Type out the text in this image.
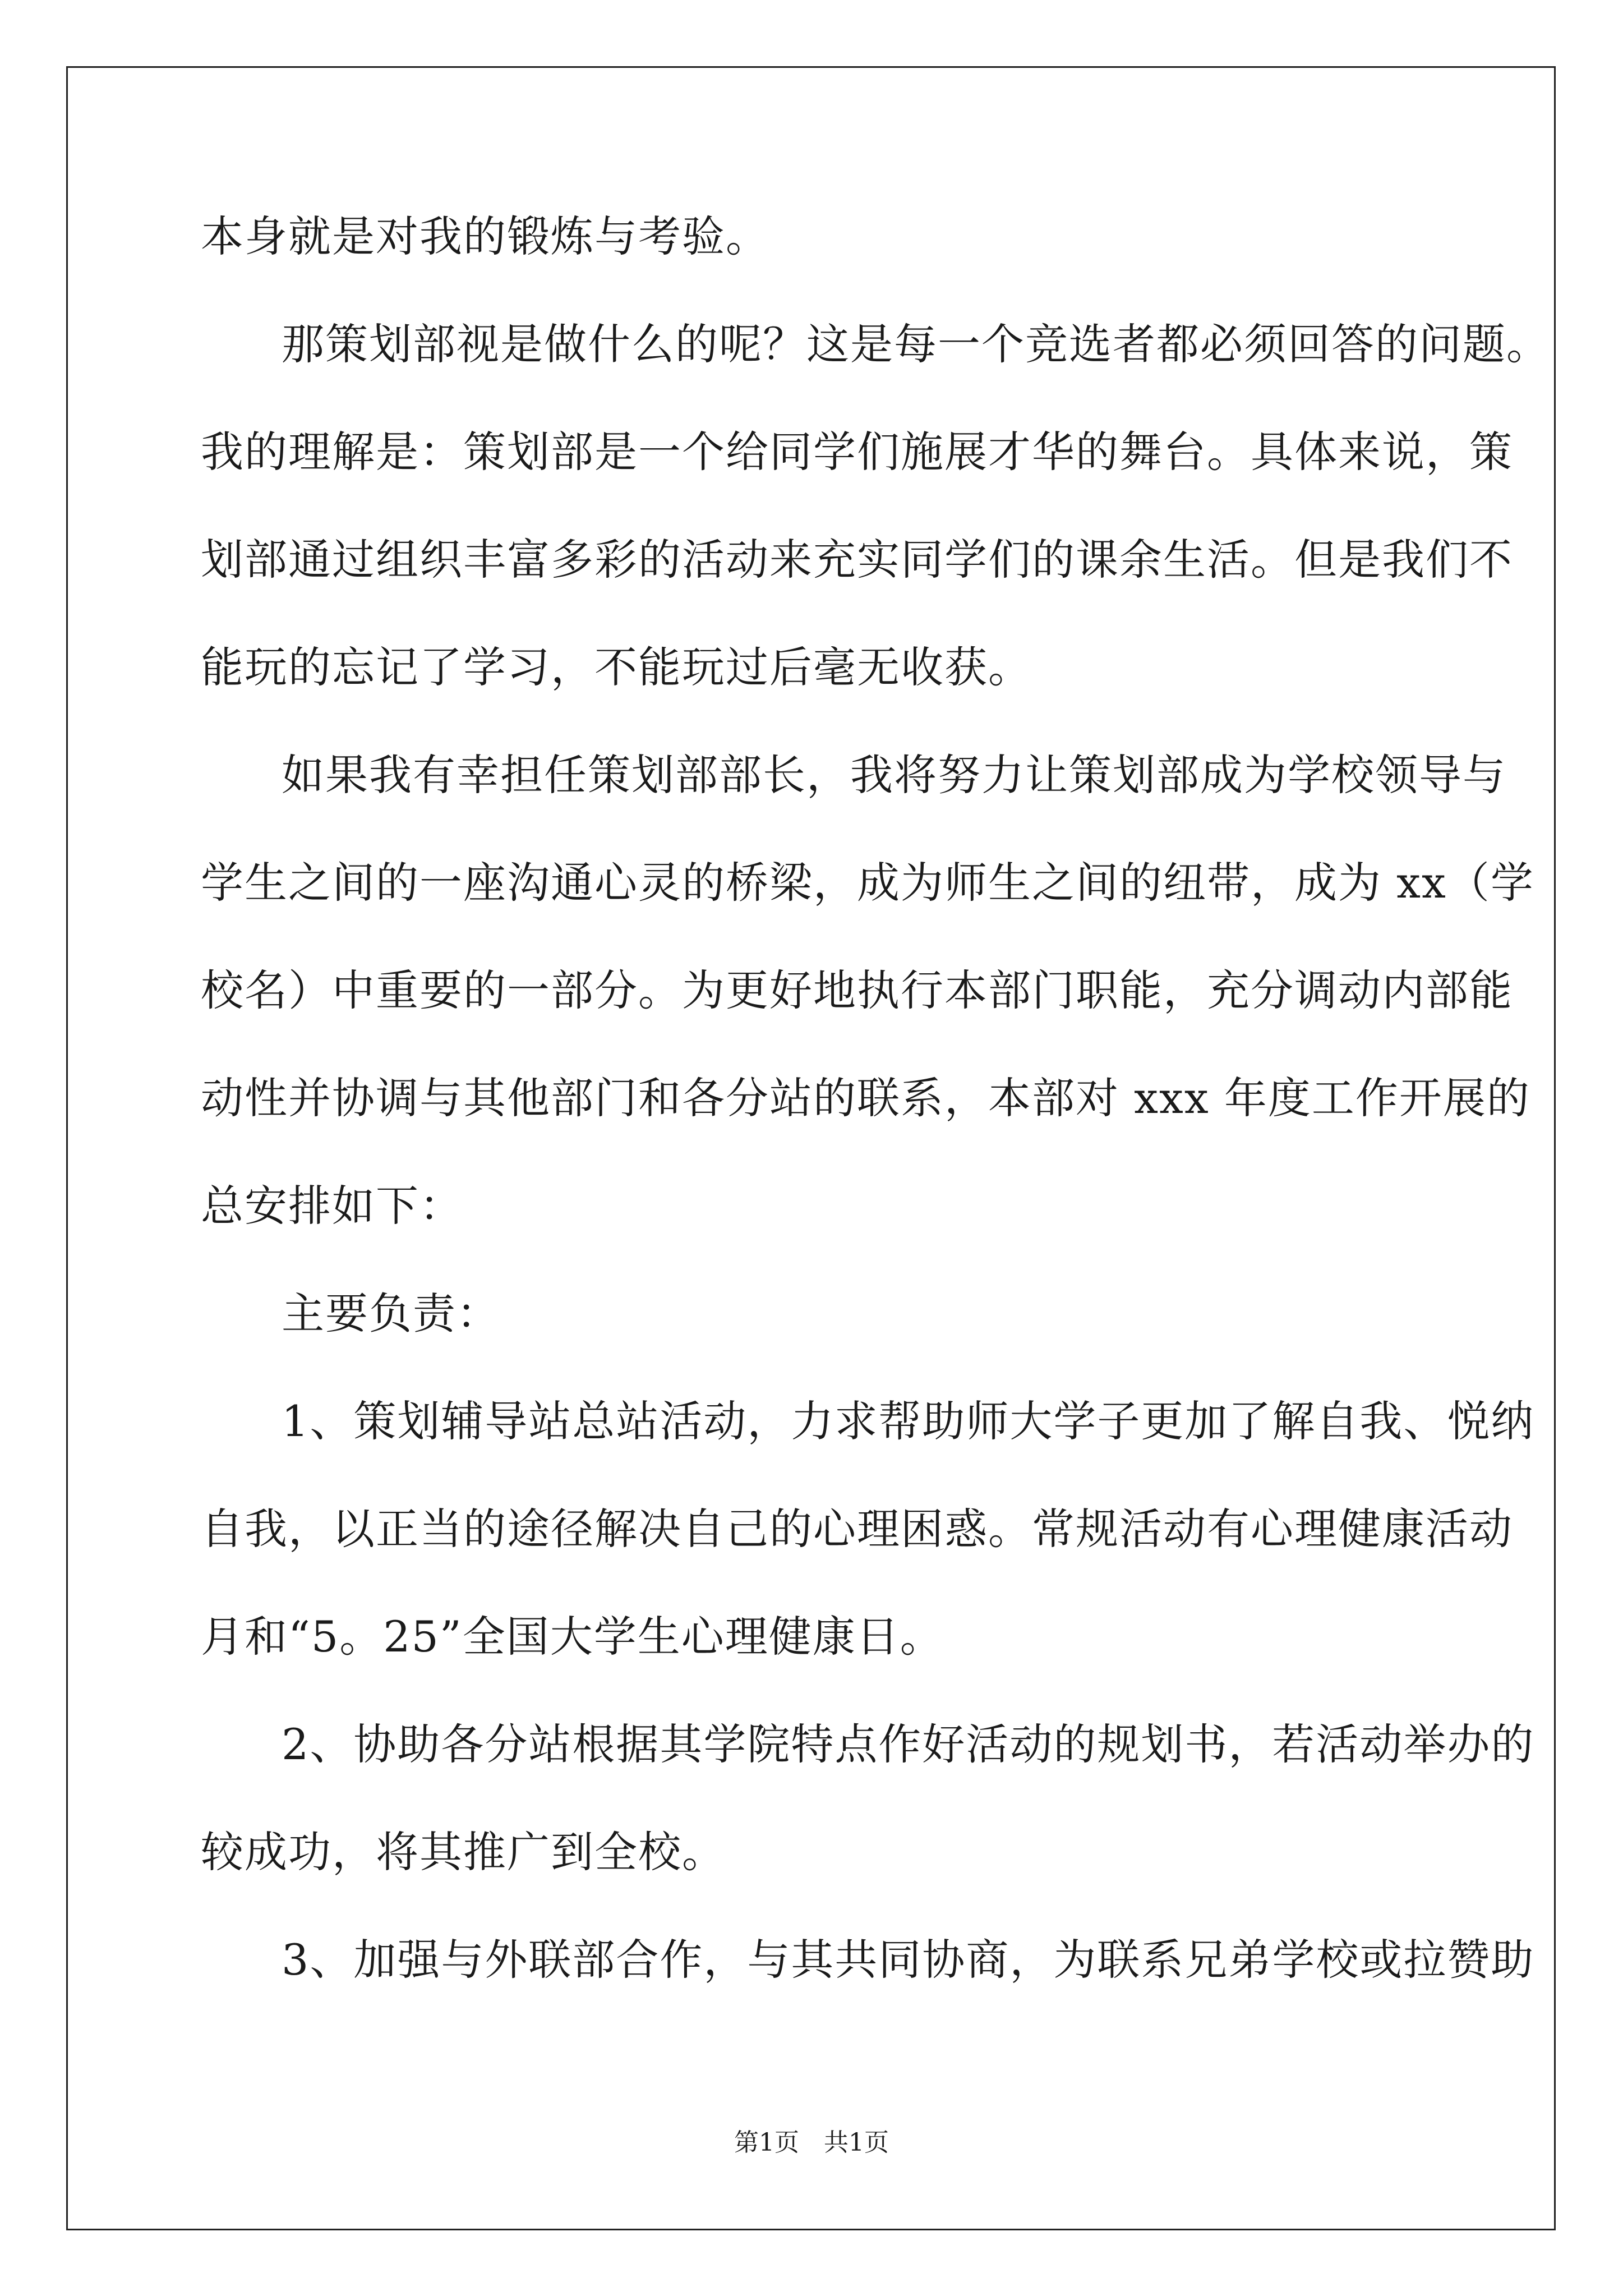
本身就是对我的锻炼与考验。
那策划部视是做什么的呢？这是每一个竞选者都必须回答的问题。
我的理解是：策划部是一个给同学们施展才华的舞台。具体来说，策
划部通过组织丰富多彩的活动来充实同学们的课余生活。但是我们不
能玩的忘记了学习，不能玩过后毫无收获。
如果我有幸担任策划部部长，我将努力让策划部成为学校领导与
学生之间的一座沟通心灵的桥梁，成为师生之间的纽带，成为 xx（学
校名）中重要的一部分。为更好地执行本部门职能，充分调动内部能
动性并协调与其他部门和各分站的联系，本部对 xxx 年度工作开展的
总安排如下：
主要负责：
1、策划辅导站总站活动，力求帮助师大学子更加了解自我、悦纳
自我，以正当的途径解决自己的心理困惑。常规活动有心理健康活动
月和“5。25”全国大学生心理健康日。
2、协助各分站根据其学院特点作好活动的规划书，若活动举办的
较成功，将其推广到全校。
3、加强与外联部合作，与其共同协商，为联系兄弟学校或拉赞助
第1页 共1页
